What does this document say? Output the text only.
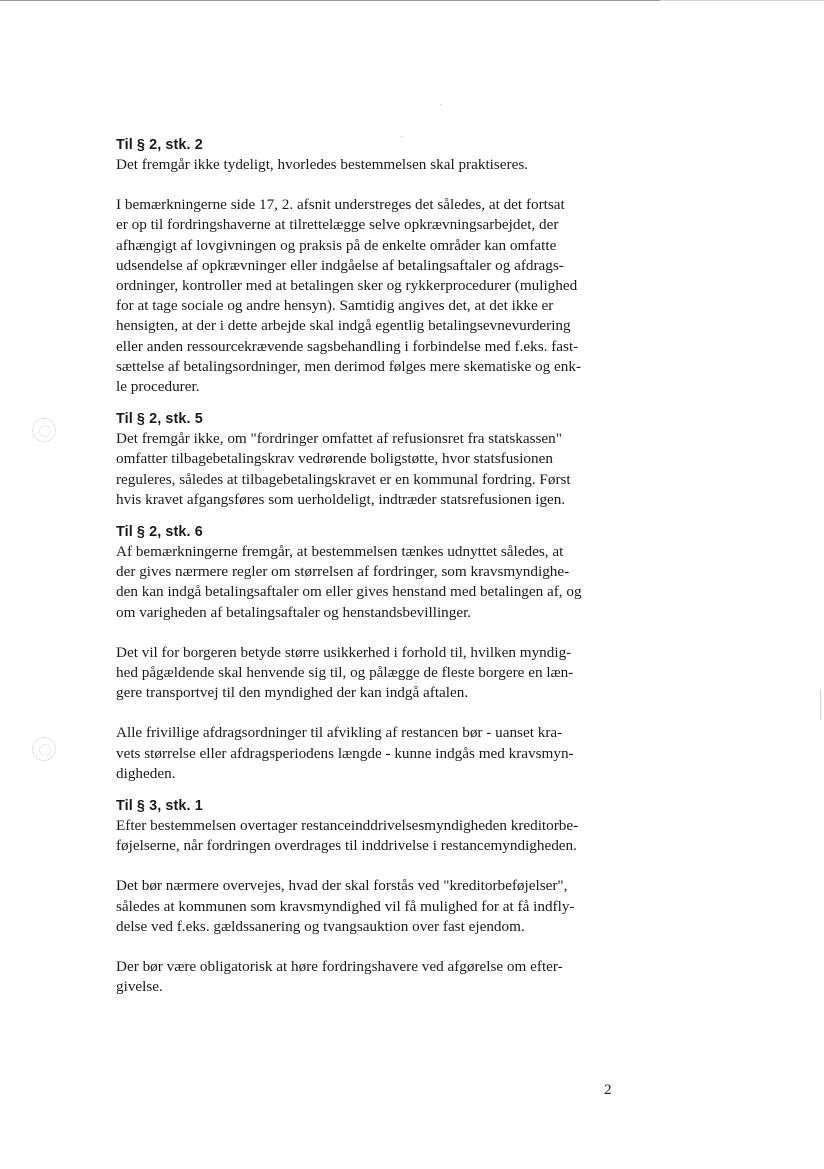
Til § 2, stk. 2

Det fremgår ikke tydeligt, hvorledes bestemmelsen skal praktiseres.

I bemærkningerne side 17, 2. afsnit understreges det således, at det fortsat
er op til fordringshaverne at tilrettelægge selve opkrævningsarbejdet, der
afhængigt af lovgivningen og praksis på de enkelte områder kan omfatte
udsendelse af opkrævninger eller indgåelse af betalingsaftaler og afdrags-
ordninger, kontroller med at betalingen sker og rykkerprocedurer (mulighed
for at tage sociale og andre hensyn). Samtidig angives det, at det ikke er
hensigten, at der i dette arbejde skal indgå egentlig betalingsevnevurdering
eller anden ressourcekrævende sagsbehandling i forbindelse med f.eks. fast-
sættelse af betalingsordninger, men derimod følges mere skematiske og enk-
le procedurer.

Til § 2, stk. 5

Det fremgår ikke, om "fordringer omfattet af refusionsret fra statskassen"
omfatter tilbagebetalingskrav vedrørende boligstøtte, hvor statsfusionen
reguleres, således at tilbagebetalingskravet er en kommunal fordring. Først
hvis kravet afgangsføres som uerholdeligt, indtræder statsrefusionen igen.

Til § 2, stk. 6

Af bemærkningerne fremgår, at bestemmelsen tænkes udnyttet således, at
der gives nærmere regler om størrelsen af fordringer, som kravsmyndighe-
den kan indgå betalingsaftaler om eller gives henstand med betalingen af, og
om varigheden af betalingsaftaler og henstandsbevillinger.

Det vil for borgeren betyde større usikkerhed i forhold til, hvilken myndig-
hed pågældende skal henvende sig til, og pålægge de fleste borgere en læn-
gere transportvej til den myndighed der kan indgå aftalen.

Alle frivillige afdragsordninger til afvikling af restancen bør - uanset kra-
vets størrelse eller afdragsperiodens længde - kunne indgås med kravsmyn-
digheden.

Til § 3, stk. 1

Efter bestemmelsen overtager restanceinddrivelsesmyndigheden kreditorbe-
føjelserne, når fordringen overdrages til inddrivelse i restancemyndigheden.

Det bør nærmere overvejes, hvad der skal forstås ved "kreditorbeføjelser",
således at kommunen som kravsmyndighed vil få mulighed for at få indfly-
delse ved f.eks. gældssanering og tvangsauktion over fast ejendom.

Der bør være obligatorisk at høre fordringshavere ved afgørelse om efter-
givelse.

2
